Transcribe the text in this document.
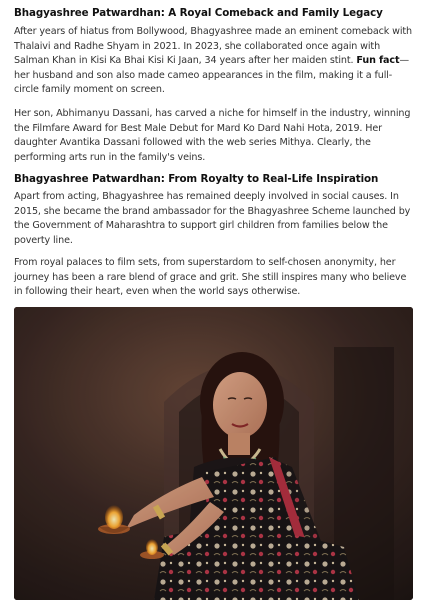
Bhagyashree Patwardhan: A Royal Comeback and Family Legacy

After years of hiatus from Bollywood, Bhagyashree made an eminent comeback with Thalaivi and Radhe Shyam in 2021. In 2023, she collaborated once again with Salman Khan in Kisi Ka Bhai Kisi Ki Jaan, 34 years after her maiden stint. Fun fact—her husband and son also made cameo appearances in the film, making it a full-circle family moment on screen.

Her son, Abhimanyu Dassani, has carved a niche for himself in the industry, winning the Filmfare Award for Best Male Debut for Mard Ko Dard Nahi Hota, 2019. Her daughter Avantika Dassani followed with the web series Mithya. Clearly, the performing arts run in the family's veins.

Bhagyashree Patwardhan: From Royalty to Real-Life Inspiration

Apart from acting, Bhagyashree has remained deeply involved in social causes. In 2015, she became the brand ambassador for the Bhagyashree Scheme launched by the Government of Maharashtra to support girl children from families below the poverty line.

From royal palaces to film sets, from superstardom to self-chosen anonymity, her journey has been a rare blend of grace and grit. She still inspires many who believe in following their heart, even when the world says otherwise.
